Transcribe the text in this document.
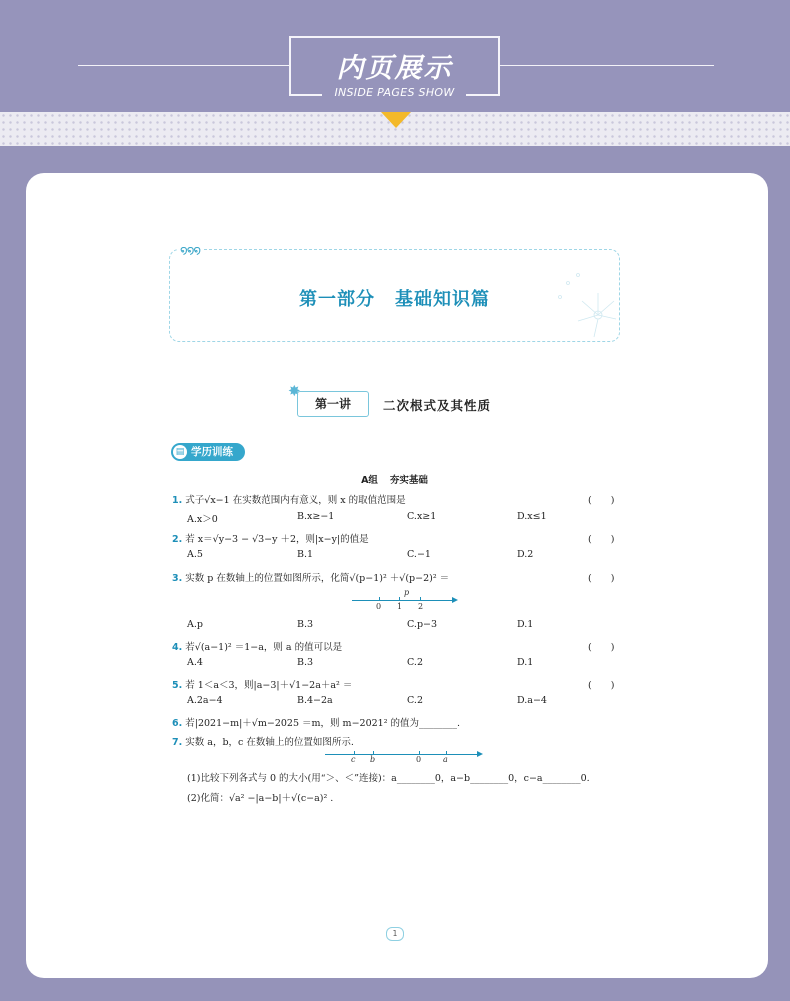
内页展示
INSIDE PAGES SHOW
໑໑໑
第一部分 基础知识篇
✸
第一讲	二次根式及其性质
▤ 学历训练
A组 夯实基础
1. 式子√x−1 在实数范围内有意义，则 x 的取值范围是	(　　)
A.x＞0	B.x≥−1	C.x≥1	D.x≤1
2. 若 x＝√y−3 − √3−y ＋2，则|x−y|的值是	(　　)
A.5	B.1	C.−1	D.2
3. 实数 p 在数轴上的位置如图所示，化简√(p−1)² ＋√(p−2)² ＝	(　　)
0 1 2
p
A.p	B.3	C.p−3	D.1
4. 若√(a−1)² ＝1−a，则 a 的值可以是	(　　)
A.4	B.3	C.2	D.1
5. 若 1＜a＜3，则|a−3|＋√1−2a＋a² ＝	(　　)
A.2a−4	B.4−2a	C.2	D.a−4
6. 若|2021−m|＋√m−2025 ＝m，则 m−2021² 的值为________.
7. 实数 a，b，c 在数轴上的位置如图所示.
c b	0	a
(1)比较下列各式与 0 的大小(用“＞、＜”连接)：a________0，a−b________0，c−a________0.
(2)化简：√a² −|a−b|＋√(c−a)² .
1
